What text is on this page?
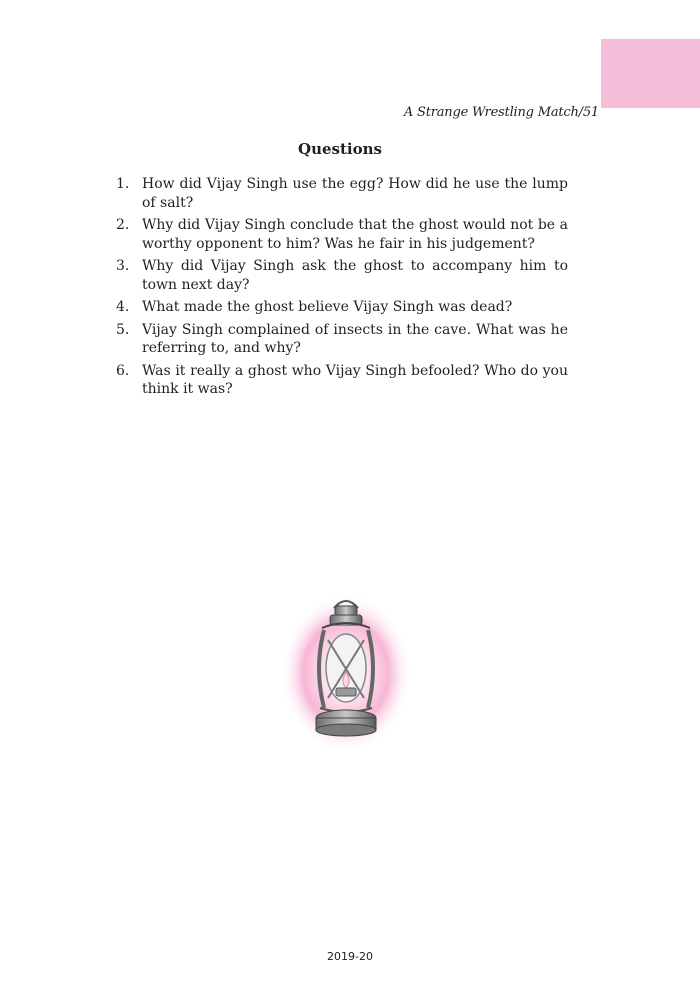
A Strange Wrestling Match/51
Questions
1. How did Vijay Singh use the egg? How did he use the lump of salt?
2. Why did Vijay Singh conclude that the ghost would not be a worthy opponent to him? Was he fair in his judgement?
3. Why did Vijay Singh ask the ghost to accompany him to town next day?
4. What made the ghost believe Vijay Singh was dead?
5. Vijay Singh complained of insects in the cave. What was he referring to, and why?
6. Was it really a ghost who Vijay Singh befooled? Who do you think it was?
2019-20
